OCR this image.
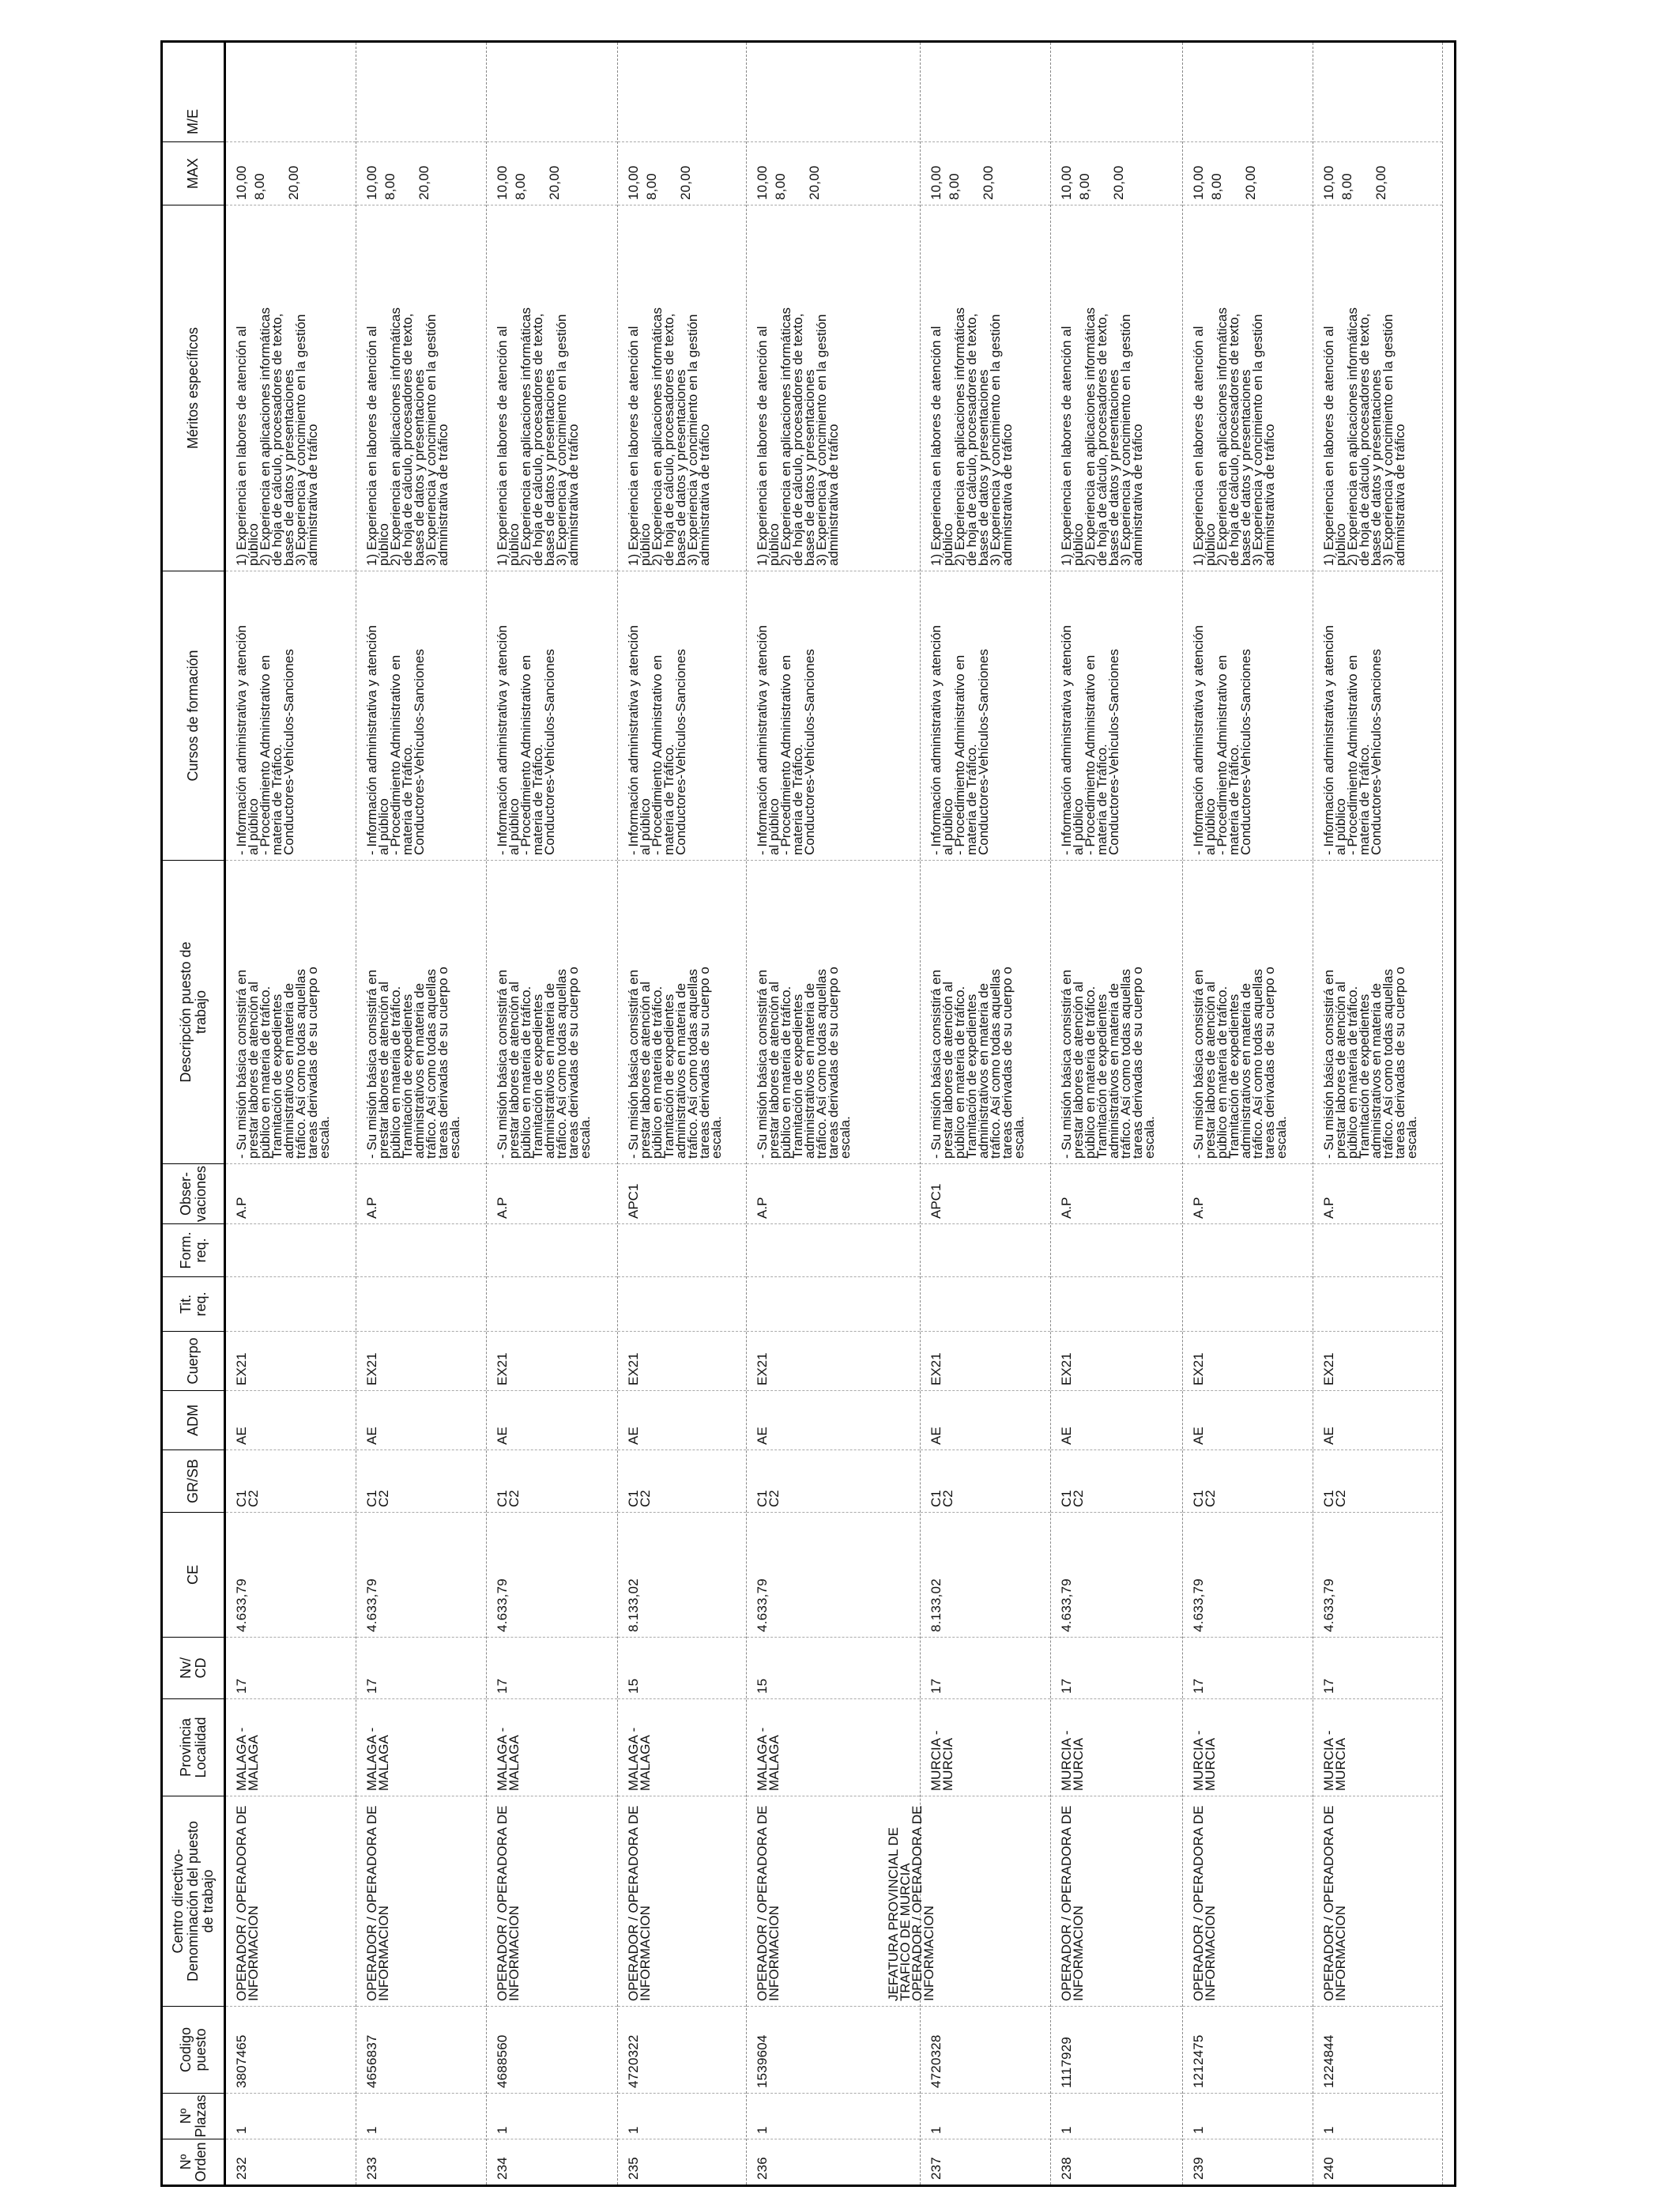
Nº
Orden
Nº
Plazas
Codigo
puesto
Centro directivo-
Denominación del puesto
de trabajo
Provincia
Localidad
Nv/
CD
CE
GR/SB
ADM
Cuerpo
Tit.
req.
Form.
req.
Obser-
vaciones
Descripción puesto de
trabajo
Cursos de formación
Méritos específicos
MAX
M/E
232
1
3807465
OPERADOR / OPERADORA DE
INFORMACION
MALAGA -
MALAGA
17
4.633,79
C1
C2
AE
EX21
A.P
- Su misión básica consistirá en
prestar labores de atención al
público en materia de tráfico.
Tramitación de expedientes
administrativos en materia de
tráfico. Así como todas aquellas
tareas derivadas de su cuerpo o
escala.
- Información administrativa y atención
al público
- Procedimiento Administrativo en
materia de Tráfico.
Conductores-Vehículos-Sanciones
1) Experiencia en labores de atención al
público
2) Experiencia en aplicaciones informáticas
de hoja de cálculo, procesadores de texto,
bases de datos y presentaciones
3) Experiencia y concimiento en la gestión
administrativa de tráfico
10,00 8,00 20,00
233
1
4656837
OPERADOR / OPERADORA DE
INFORMACION
MALAGA -
MALAGA
17
4.633,79
C1
C2
AE
EX21
A.P
- Su misión básica consistirá en
prestar labores de atención al
público en materia de tráfico.
Tramitación de expedientes
administrativos en materia de
tráfico. Así como todas aquellas
tareas derivadas de su cuerpo o
escala.
- Información administrativa y atención
al público
- Procedimiento Administrativo en
materia de Tráfico.
Conductores-Vehículos-Sanciones
1) Experiencia en labores de atención al
público
2) Experiencia en aplicaciones informáticas
de hoja de cálculo, procesadores de texto,
bases de datos y presentaciones
3) Experiencia y concimiento en la gestión
administrativa de tráfico
10,00 8,00 20,00
234
1
4688560
OPERADOR / OPERADORA DE
INFORMACION
MALAGA -
MALAGA
17
4.633,79
C1
C2
AE
EX21
A.P
- Su misión básica consistirá en
prestar labores de atención al
público en materia de tráfico.
Tramitación de expedientes
administrativos en materia de
tráfico. Así como todas aquellas
tareas derivadas de su cuerpo o
escala.
- Información administrativa y atención
al público
- Procedimiento Administrativo en
materia de Tráfico.
Conductores-Vehículos-Sanciones
1) Experiencia en labores de atención al
público
2) Experiencia en aplicaciones informáticas
de hoja de cálculo, procesadores de texto,
bases de datos y presentaciones
3) Experiencia y concimiento en la gestión
administrativa de tráfico
10,00 8,00 20,00
235
1
4720322
OPERADOR / OPERADORA DE
INFORMACION
MALAGA -
MALAGA
15
8.133,02
C1
C2
AE
EX21
APC1
- Su misión básica consistirá en
prestar labores de atención al
público en materia de tráfico.
Tramitación de expedientes
administrativos en materia de
tráfico. Así como todas aquellas
tareas derivadas de su cuerpo o
escala.
- Información administrativa y atención
al público
- Procedimiento Administrativo en
materia de Tráfico.
Conductores-Vehículos-Sanciones
1) Experiencia en labores de atención al
público
2) Experiencia en aplicaciones informáticas
de hoja de cálculo, procesadores de texto,
bases de datos y presentaciones
3) Experiencia y concimiento en la gestión
administrativa de tráfico
10,00 8,00 20,00
236
1
1539604
OPERADOR / OPERADORA DE
INFORMACION
MALAGA -
MALAGA
15
4.633,79
C1
C2
AE
EX21
A.P
- Su misión básica consistirá en
prestar labores de atención al
público en materia de tráfico.
Tramitación de expedientes
administrativos en materia de
tráfico. Así como todas aquellas
tareas derivadas de su cuerpo o
escala.
- Información administrativa y atención
al público
- Procedimiento Administrativo en
materia de Tráfico.
Conductores-Vehículos-Sanciones
1) Experiencia en labores de atención al
público
2) Experiencia en aplicaciones informáticas
de hoja de cálculo, procesadores de texto,
bases de datos y presentaciones
3) Experiencia y concimiento en la gestión
administrativa de tráfico
10,00 8,00 20,00
237
1
4720328
JEFATURA PROVINCIAL DE
TRAFICO DE MURCIA
OPERADOR / OPERADORA DE
INFORMACION
MURCIA -
MURCIA
17
8.133,02
C1
C2
AE
EX21
APC1
- Su misión básica consistirá en
prestar labores de atención al
público en materia de tráfico.
Tramitación de expedientes
administrativos en materia de
tráfico. Así como todas aquellas
tareas derivadas de su cuerpo o
escala.
- Información administrativa y atención
al público
- Procedimiento Administrativo en
materia de Tráfico.
Conductores-Vehículos-Sanciones
1) Experiencia en labores de atención al
público
2) Experiencia en aplicaciones informáticas
de hoja de cálculo, procesadores de texto,
bases de datos y presentaciones
3) Experiencia y concimiento en la gestión
administrativa de tráfico
10,00 8,00 20,00
238
1
1117929
OPERADOR / OPERADORA DE
INFORMACION
MURCIA -
MURCIA
17
4.633,79
C1
C2
AE
EX21
A.P
- Su misión básica consistirá en
prestar labores de atención al
público en materia de tráfico.
Tramitación de expedientes
administrativos en materia de
tráfico. Así como todas aquellas
tareas derivadas de su cuerpo o
escala.
- Información administrativa y atención
al público
- Procedimiento Administrativo en
materia de Tráfico.
Conductores-Vehículos-Sanciones
1) Experiencia en labores de atención al
público
2) Experiencia en aplicaciones informáticas
de hoja de cálculo, procesadores de texto,
bases de datos y presentaciones
3) Experiencia y concimiento en la gestión
administrativa de tráfico
10,00 8,00 20,00
239
1
1212475
OPERADOR / OPERADORA DE
INFORMACION
MURCIA -
MURCIA
17
4.633,79
C1
C2
AE
EX21
A.P
- Su misión básica consistirá en
prestar labores de atención al
público en materia de tráfico.
Tramitación de expedientes
administrativos en materia de
tráfico. Así como todas aquellas
tareas derivadas de su cuerpo o
escala.
- Información administrativa y atención
al público
- Procedimiento Administrativo en
materia de Tráfico.
Conductores-Vehículos-Sanciones
1) Experiencia en labores de atención al
público
2) Experiencia en aplicaciones informáticas
de hoja de cálculo, procesadores de texto,
bases de datos y presentaciones
3) Experiencia y concimiento en la gestión
administrativa de tráfico
10,00 8,00 20,00
240
1
1224844
OPERADOR / OPERADORA DE
INFORMACION
MURCIA -
MURCIA
17
4.633,79
C1
C2
AE
EX21
A.P
- Su misión básica consistirá en
prestar labores de atención al
público en materia de tráfico.
Tramitación de expedientes
administrativos en materia de
tráfico. Así como todas aquellas
tareas derivadas de su cuerpo o
escala.
- Información administrativa y atención
al público
- Procedimiento Administrativo en
materia de Tráfico.
Conductores-Vehículos-Sanciones
1) Experiencia en labores de atención al
público
2) Experiencia en aplicaciones informáticas
de hoja de cálculo, procesadores de texto,
bases de datos y presentaciones
3) Experiencia y concimiento en la gestión
administrativa de tráfico
10,00 8,00 20,00
